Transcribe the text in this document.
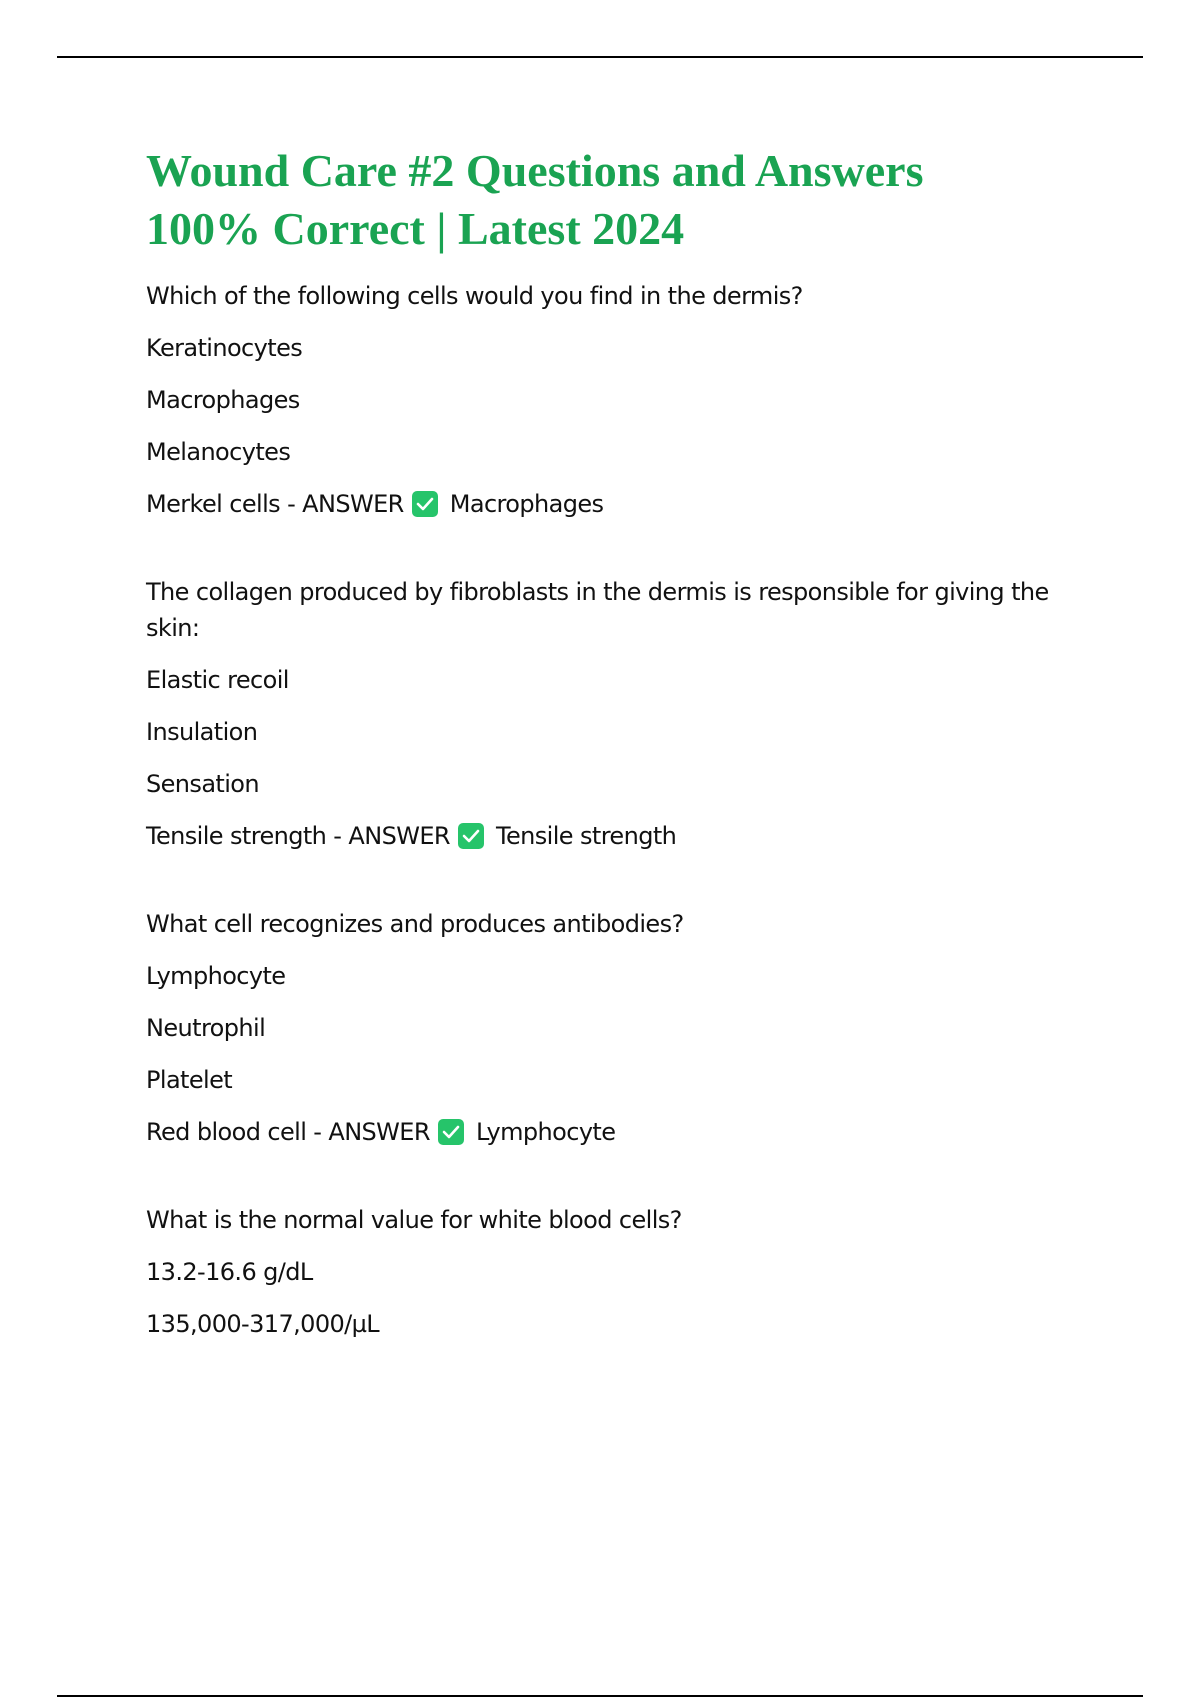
Wound Care #2 Questions and Answers
100% Correct | Latest 2024
Which of the following cells would you find in the dermis?
Keratinocytes
Macrophages
Melanocytes
Merkel cells - ANSWER Macrophages
The collagen produced by fibroblasts in the dermis is responsible for giving the skin:
Elastic recoil
Insulation
Sensation
Tensile strength - ANSWER Tensile strength
What cell recognizes and produces antibodies?
Lymphocyte
Neutrophil
Platelet
Red blood cell - ANSWER Lymphocyte
What is the normal value for white blood cells?
13.2-16.6 g/dL
135,000-317,000/µL
